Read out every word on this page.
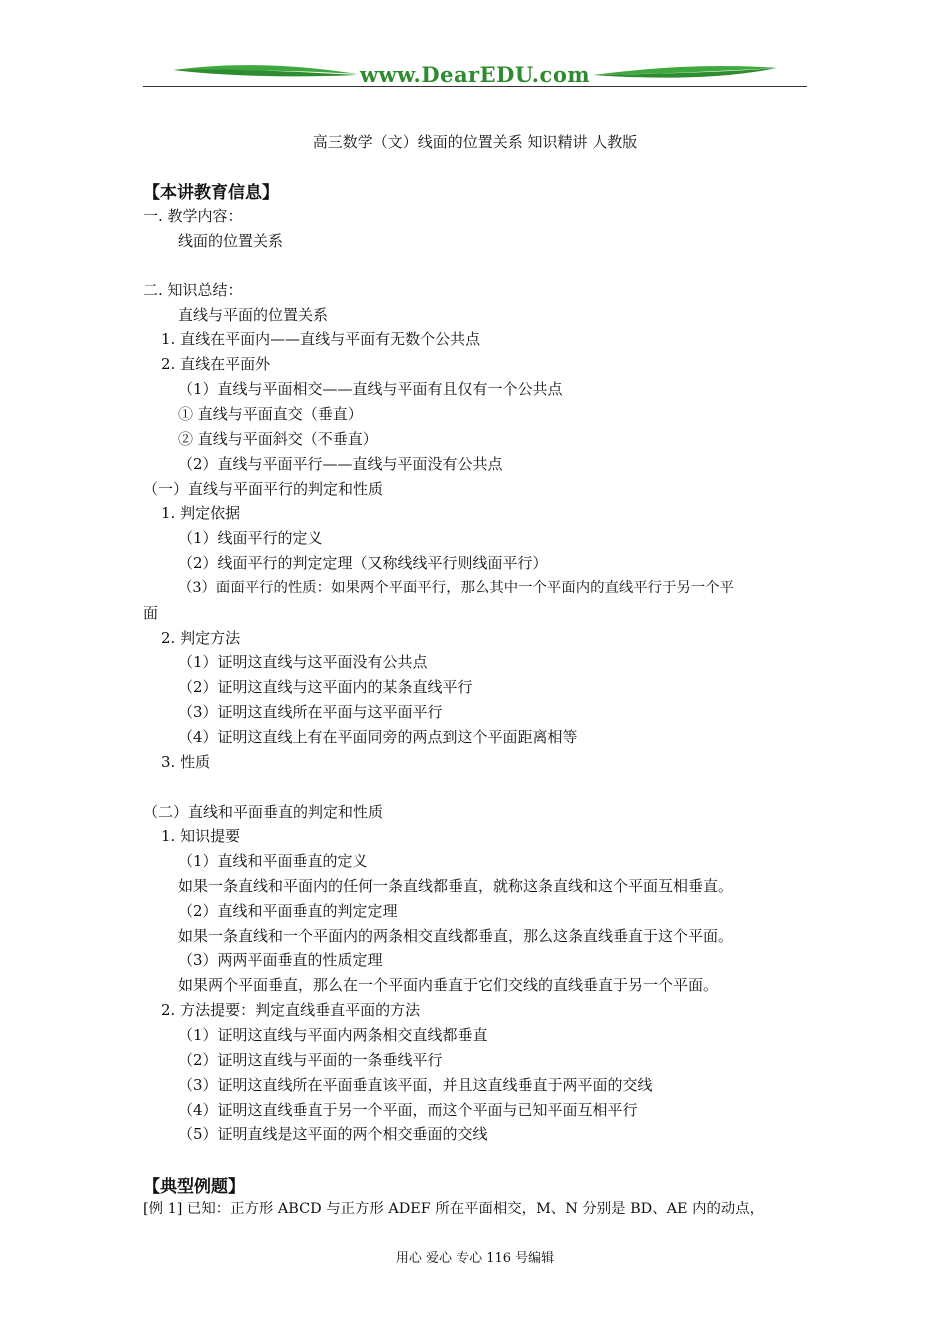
www.DearEDU.com
高三数学（文）线面的位置关系 知识精讲 人教版
【本讲教育信息】
一. 教学内容：
线面的位置关系
二. 知识总结：
直线与平面的位置关系
1. 直线在平面内——直线与平面有无数个公共点
2. 直线在平面外
（1）直线与平面相交——直线与平面有且仅有一个公共点
① 直线与平面直交（垂直）
② 直线与平面斜交（不垂直）
（2）直线与平面平行——直线与平面没有公共点
（一）直线与平面平行的判定和性质
1. 判定依据
（1）线面平行的定义
（2）线面平行的判定定理（又称线线平行则线面平行）
（3）面面平行的性质：如果两个平面平行，那么其中一个平面内的直线平行于另一个平
面
2. 判定方法
（1）证明这直线与这平面没有公共点
（2）证明这直线与这平面内的某条直线平行
（3）证明这直线所在平面与这平面平行
（4）证明这直线上有在平面同旁的两点到这个平面距离相等
3. 性质
（二）直线和平面垂直的判定和性质
1. 知识提要
（1）直线和平面垂直的定义
如果一条直线和平面内的任何一条直线都垂直，就称这条直线和这个平面互相垂直。
（2）直线和平面垂直的判定定理
如果一条直线和一个平面内的两条相交直线都垂直，那么这条直线垂直于这个平面。
（3）两两平面垂直的性质定理
如果两个平面垂直，那么在一个平面内垂直于它们交线的直线垂直于另一个平面。
2. 方法提要：判定直线垂直平面的方法
（1）证明这直线与平面内两条相交直线都垂直
（2）证明这直线与平面的一条垂线平行
（3）证明这直线所在平面垂直该平面，并且这直线垂直于两平面的交线
（4）证明这直线垂直于另一个平面，而这个平面与已知平面互相平行
（5）证明直线是这平面的两个相交垂面的交线
【典型例题】
[例 1] 已知：正方形 ABCD 与正方形 ADEF 所在平面相交，M、N 分别是 BD、AE 内的动点，
用心 爱心 专心 116 号编辑
